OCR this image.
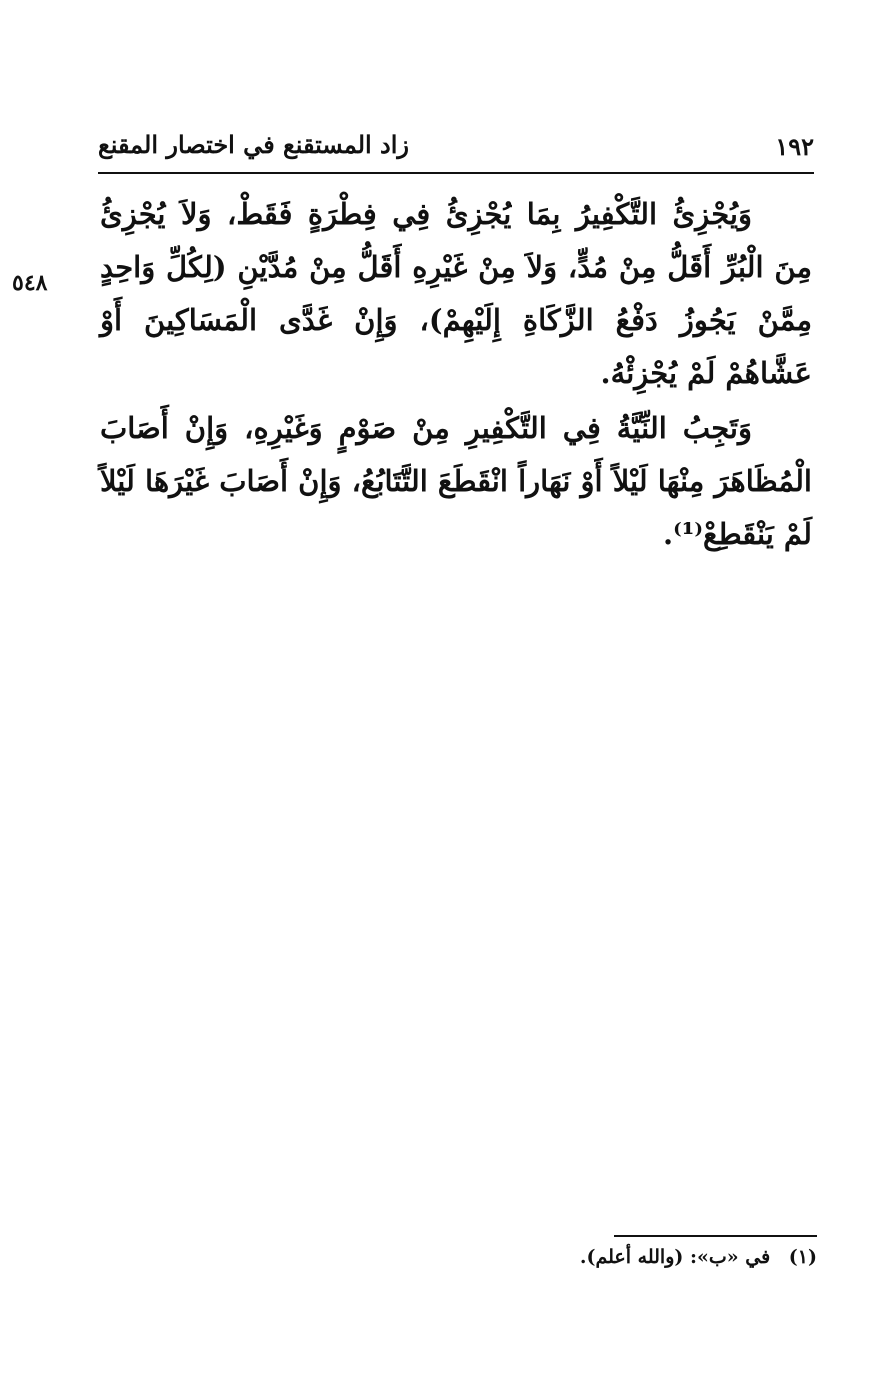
١٩٢
زاد المستقنع في اختصار المقنع
٥٤٨

وَيُجْزِئُ التَّكْفِيرُ بِمَا يُجْزِئُ فِي فِطْرَةٍ فَقَطْ، وَلاَ يُجْزِئُ مِنَ الْبُرِّ أَقَلُّ مِنْ مُدٍّ، وَلاَ مِنْ غَيْرِهِ أَقَلُّ مِنْ مُدَّيْنِ (لِكُلِّ وَاحِدٍ مِمَّنْ يَجُوزُ دَفْعُ الزَّكَاةِ إِلَيْهِمْ)، وَإِنْ غَدَّى الْمَسَاكِينَ أَوْ عَشَّاهُمْ لَمْ يُجْزِئْهُ.

وَتَجِبُ النِّيَّةُ فِي التَّكْفِيرِ مِنْ صَوْمٍ وَغَيْرِهِ، وَإِنْ أَصَابَ الْمُظَاهَرَ مِنْهَا لَيْلاً أَوْ نَهَاراً انْقَطَعَ التَّتَابُعُ، وَإِنْ أَصَابَ غَيْرَهَا لَيْلاً لَمْ يَنْقَطِعْ⁽¹⁾.

(١) في «ب»: (والله أعلم).
